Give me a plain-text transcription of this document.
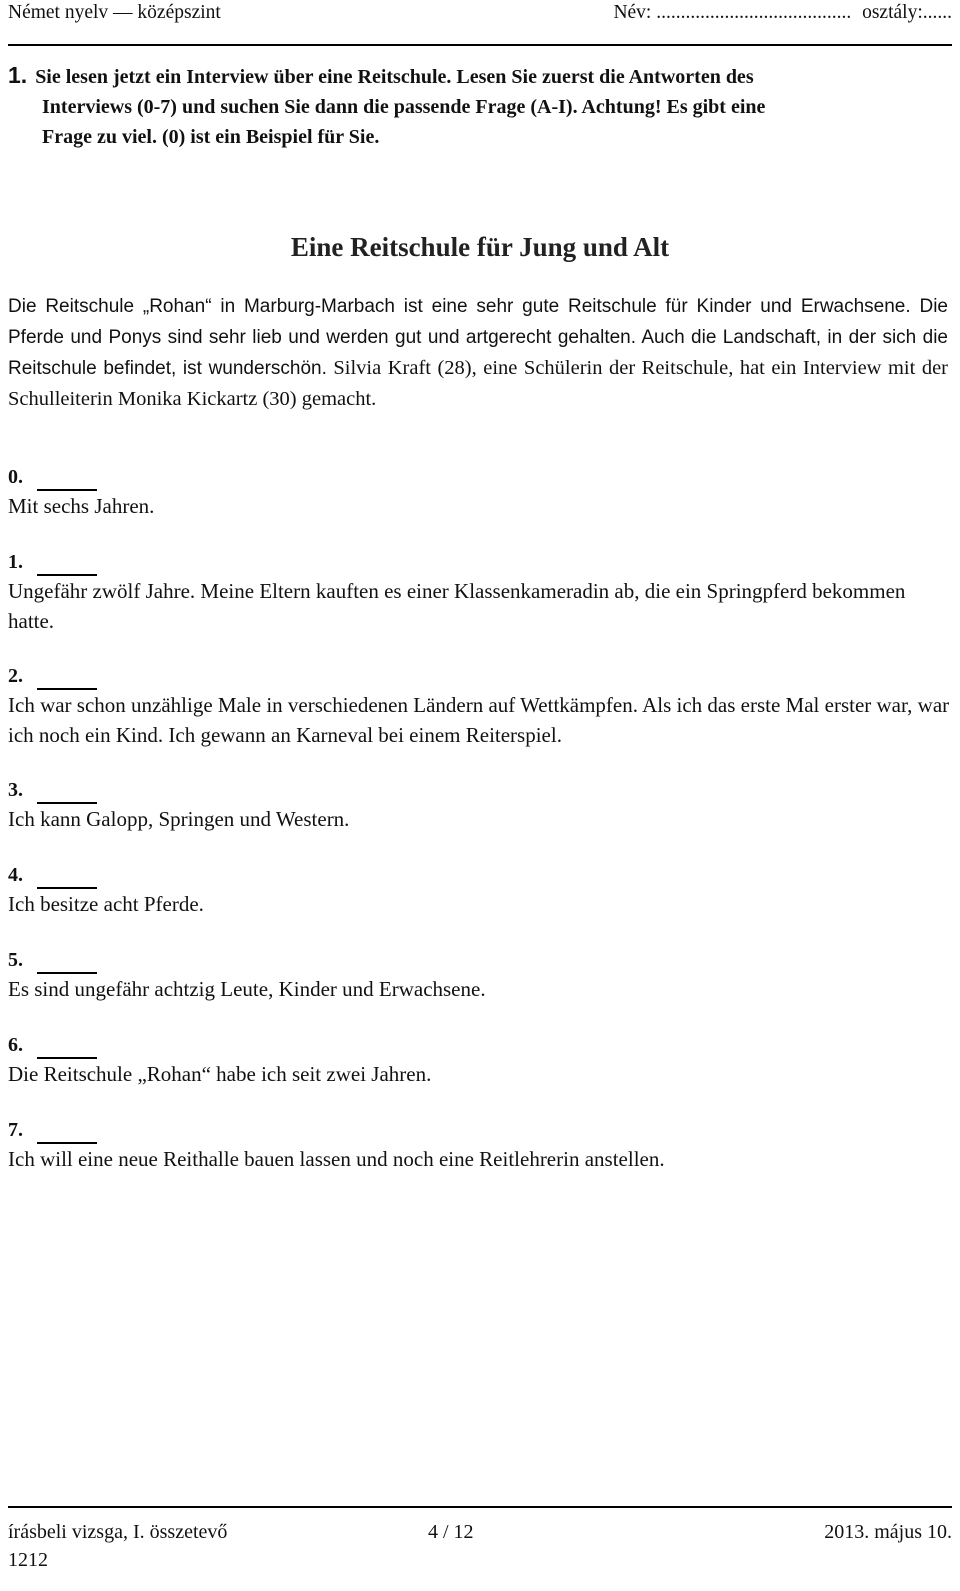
Német nyelv — középszint	Név: ........................................ osztály:......
1. Sie lesen jetzt ein Interview über eine Reitschule. Lesen Sie zuerst die Antworten des
Interviews (0-7) und suchen Sie dann die passende Frage (A-I). Achtung! Es gibt eine
Frage zu viel. (0) ist ein Beispiel für Sie.
Eine Reitschule für Jung und Alt
Die Reitschule „Rohan“ in Marburg-Marbach ist eine sehr gute Reitschule für Kinder und Erwachsene. Die Pferde und Ponys sind sehr lieb und werden gut und artgerecht gehalten. Auch die Landschaft, in der sich die Reitschule befindet, ist wunderschön. Silvia Kraft (28), eine Schülerin der Reitschule, hat ein Interview mit der Schulleiterin Monika Kickartz (30) gemacht.
0.
Mit sechs Jahren.
1.
Ungefähr zwölf Jahre. Meine Eltern kauften es einer Klassenkameradin ab, die ein Springpferd bekommen hatte.
2.
Ich war schon unzählige Male in verschiedenen Ländern auf Wettkämpfen. Als ich das erste Mal erster war, war ich noch ein Kind. Ich gewann an Karneval bei einem Reiterspiel.
3.
Ich kann Galopp, Springen und Western.
4.
Ich besitze acht Pferde.
5.
Es sind ungefähr achtzig Leute, Kinder und Erwachsene.
6.
Die Reitschule „Rohan“ habe ich seit zwei Jahren.
7.
Ich will eine neue Reithalle bauen lassen und noch eine Reitlehrerin anstellen.
írásbeli vizsga, I. összetevő	2013. május 10.
4 / 12
1212
